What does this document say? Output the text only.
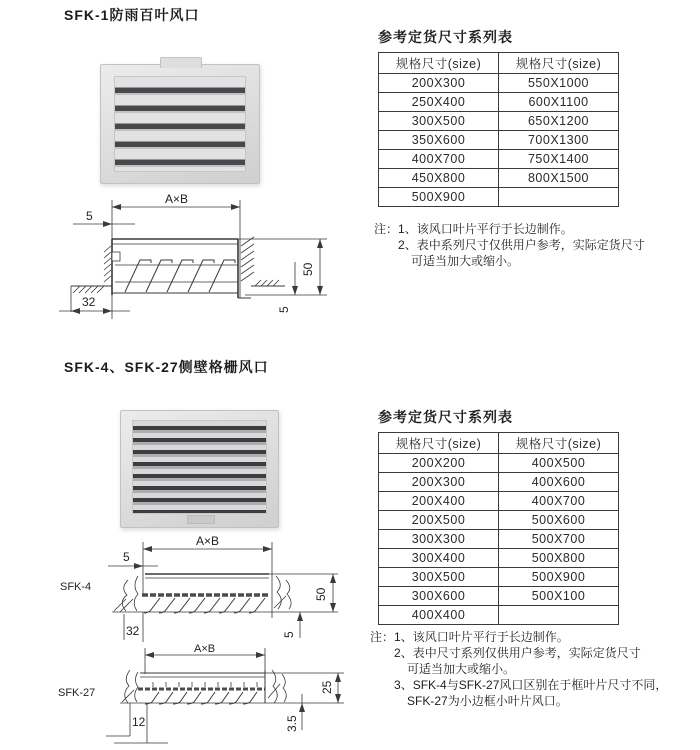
SFK-1防雨百叶风口
A×B
5
50
5
32
参考定货尺寸系列表
规格尺寸(size)	规格尺寸(size)
200X300	550X1000
250X400	600X1100
300X500	650X1200
350X600	700X1300
400X700	750X1400
450X800	800X1500
500X900	
注： 1、该风口叶片平行于长边制作。
2、表中系列尺寸仅供用户参考，实际定货尺寸
可适当加大或缩小。
SFK-4、SFK-27侧壁格栅风口
SFK-4
A×B
5
50
5
32
SFK-27
A×B
25
3.5
12
参考定货尺寸系列表
规格尺寸(size)	规格尺寸(size)
200X200	400X500
200X300	400X600
200X400	400X700
200X500	500X600
300X300	500X700
300X400	500X800
300X500	500X900
300X600	500X100
400X400	
注： 1、该风口叶片平行于长边制作。
2、表中尺寸系列仅供用户参考，实际定货尺寸
可适当加大或缩小。
3、SFK-4与SFK-27风口区别在于框叶片尺寸不同，
SFK-27为小边框小叶片风口。
